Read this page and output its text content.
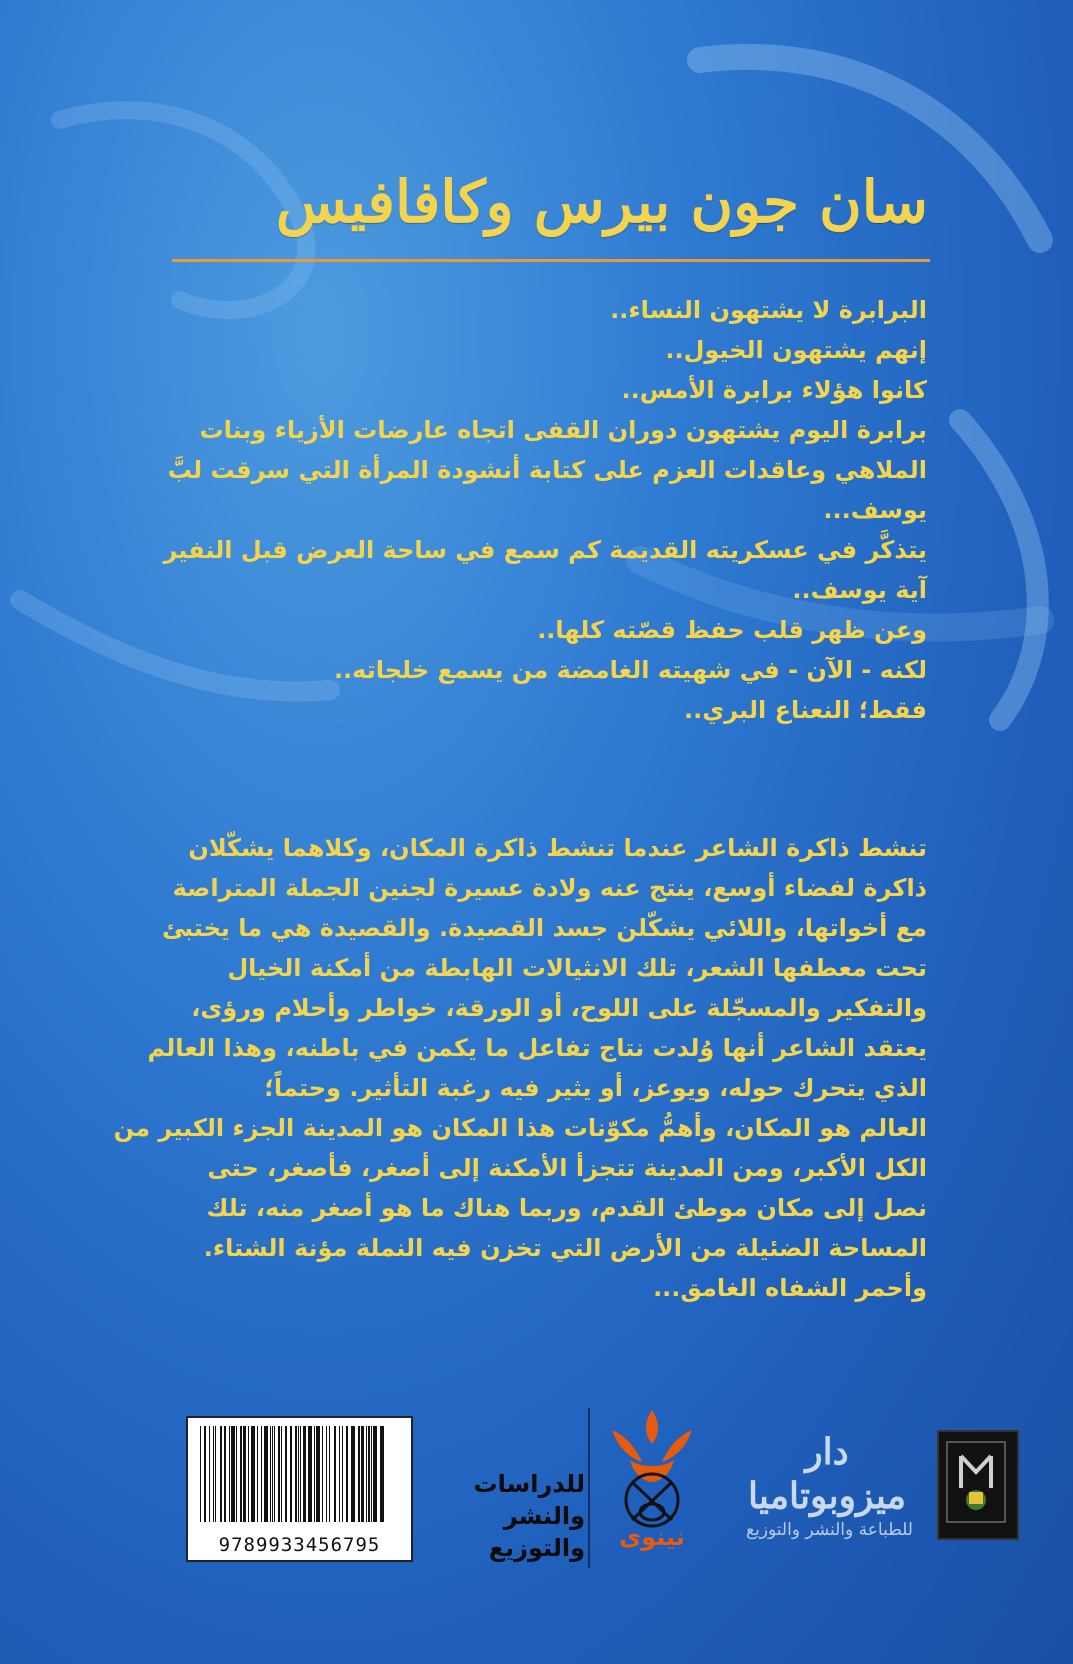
سان جون بيرس وكافافيس
البرابرة لا يشتهون النساء..
إنهم يشتهون الخيول..
كانوا هؤلاء برابرة الأمس..
برابرة اليوم يشتهون دوران القفى اتجاه عارضات الأزياء وبنات
الملاهي وعاقدات العزم على كتابة أنشودة المرأة التي سرقت لبَّ
يوسف...
يتذكَّر في عسكريته القديمة كم سمع في ساحة العرض قبل النفير
آية يوسف..
وعن ظهر قلب حفظ قصّته كلها..
لكنه - الآن - في شهيته الغامضة من يسمع خلجاته..
فقط؛ النعناع البري..
تنشط ذاكرة الشاعر عندما تنشط ذاكرة المكان، وكلاهما يشكّلان
ذاكرة لفضاء أوسع، ينتج عنه ولادة عسيرة لجنين الجملة المتراصة
مع أخواتها، واللائي يشكّلن جسد القصيدة. والقصيدة هي ما يختبئ
تحت معطفها الشعر، تلك الانثيالات الهابطة من أمكنة الخيال
والتفكير والمسجّلة على اللوح، أو الورقة، خواطر وأحلام ورؤى،
يعتقد الشاعر أنها وُلدت نتاج تفاعل ما يكمن في باطنه، وهذا العالم
الذي يتحرك حوله، ويوعز، أو يثير فيه رغبة التأثير. وحتماً؛
العالم هو المكان، وأهمُّ مكوّنات هذا المكان هو المدينة الجزء الكبير من
الكل الأكبر، ومن المدينة تتجزأ الأمكنة إلى أصغر، فأصغر، حتى
نصل إلى مكان موطئ القدم، وربما هناك ما هو أصغر منه، تلك
المساحة الضئيلة من الأرض التي تخزن فيه النملة مؤنة الشتاء.
وأحمر الشفاه الغامق...
9789933456795
للدراسات
والنشر
والتوزيع	نينوى
دار ميزوبوتاميا
للطباعة والنشر والتوزيع
